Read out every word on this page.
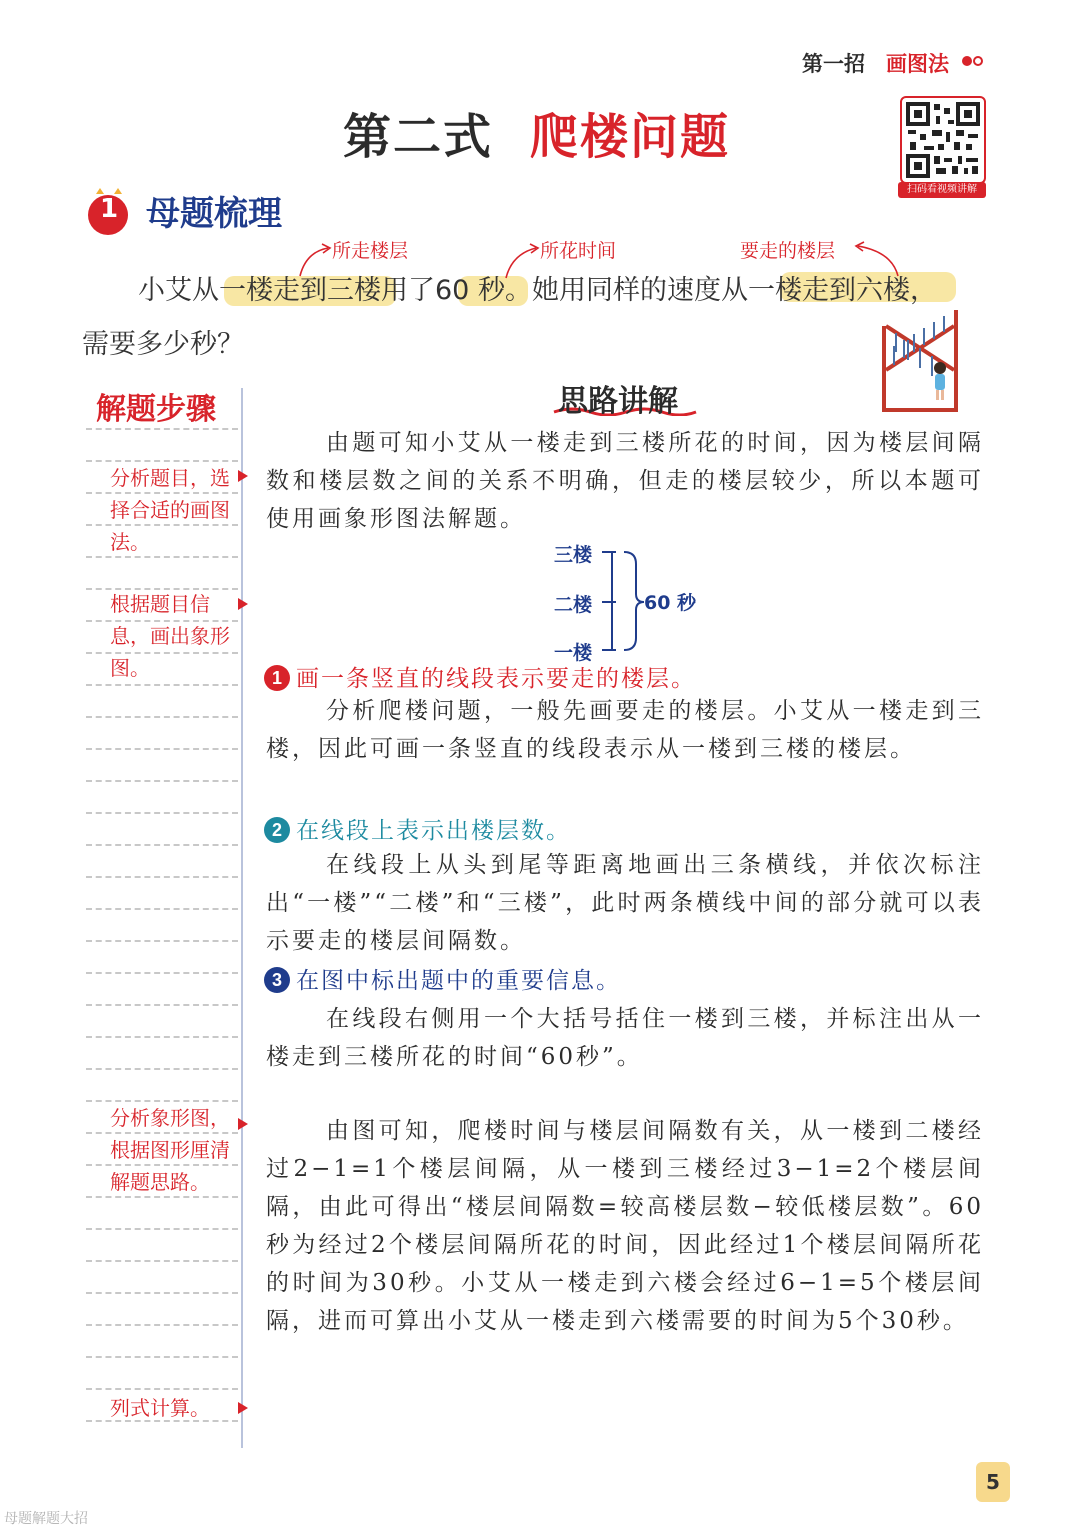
第一招 画图法
第二式 爬楼问题
扫码看视频讲解
1 母题梳理
所走楼层	所花时间	要走的楼层
小艾从一楼走到三楼用了60 秒。她用同样的速度从一楼走到六楼，
需要多少秒？
解题步骤
分析题目，选择合适的画图法。
根据题目信息，画出象形图。
分析象形图，根据图形厘清解题思路。
列式计算。
思路讲解
由题可知小艾从一楼走到三楼所花的时间，因为楼层间隔数和楼层数之间的关系不明确，但走的楼层较少，所以本题可使用画象形图法解题。
三楼
二楼
一楼
60 秒
1 画一条竖直的线段表示要走的楼层。
分析爬楼问题，一般先画要走的楼层。小艾从一楼走到三楼，因此可画一条竖直的线段表示从一楼到三楼的楼层。
2 在线段上表示出楼层数。
在线段上从头到尾等距离地画出三条横线，并依次标注出“一楼”“二楼”和“三楼”，此时两条横线中间的部分就可以表示要走的楼层间隔数。
3 在图中标出题中的重要信息。
在线段右侧用一个大括号括住一楼到三楼，并标注出从一楼走到三楼所花的时间“60秒”。
由图可知，爬楼时间与楼层间隔数有关，从一楼到二楼经过2−1=1个楼层间隔，从一楼到三楼经过3−1=2个楼层间隔，由此可得出“楼层间隔数=较高楼层数−较低楼层数”。60秒为经过2个楼层间隔所花的时间，因此经过1个楼层间隔所花的时间为30秒。小艾从一楼走到六楼会经过6−1=5个楼层间隔，进而可算出小艾从一楼走到六楼需要的时间为5个30秒。
5
母题解题大招
